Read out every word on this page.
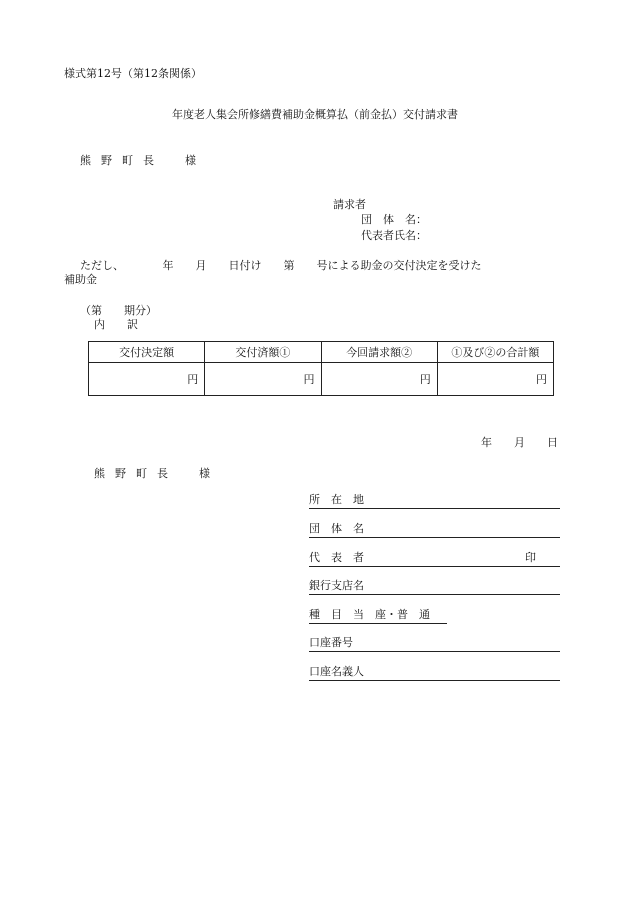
様式第12号（第12条関係）
年度老人集会所修繕費補助金概算払（前金払）交付請求書
熊野町長　様
請求者
団　体　名：
代表者氏名：
ただし、　　　　年　　月　　日付け　　第　　号による助金の交付決定を受けた
補助金
（第　　期分）
内　　訳
交付決定額	交付済額①	今回請求額②	①及び②の合計額
円	円	円	円
年　　月　　日
熊野町長　様
所　在　地
団　体　名
代　表　者	印
銀行支店名
種　目　当　座・普　通
口座番号
口座名義人
